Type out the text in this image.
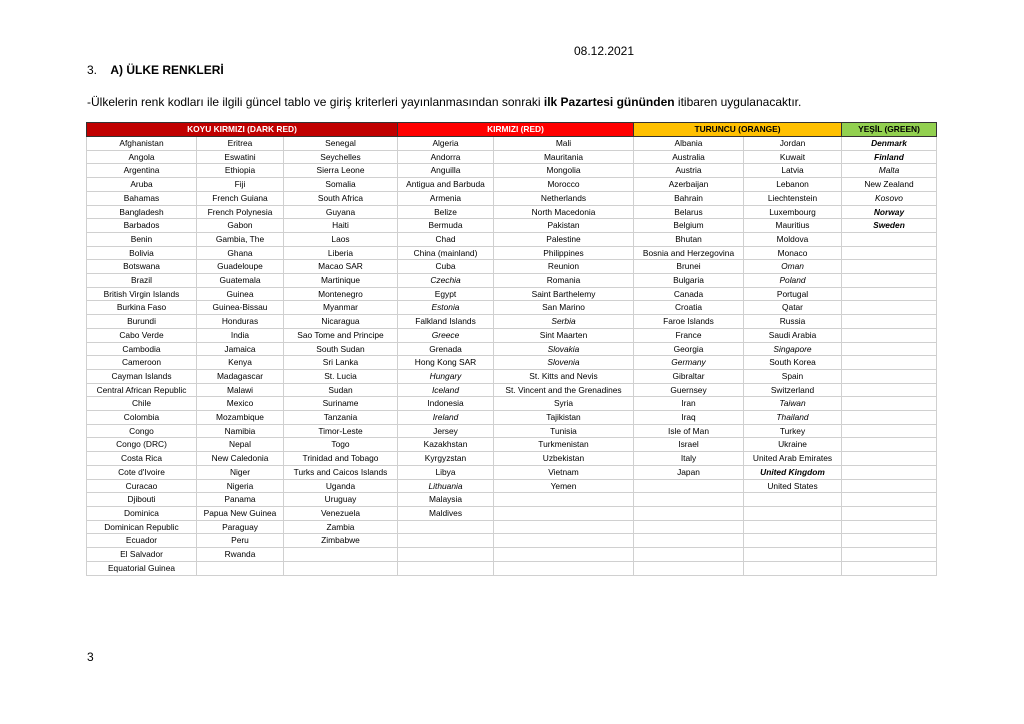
08.12.2021
3. A) ÜLKE RENKLERİ
-Ülkelerin renk kodları ile ilgili güncel tablo ve giriş kriterleri yayınlanmasından sonraki ilk Pazartesi gününden itibaren uygulanacaktır.
KOYU KIRMIZI (DARK RED)			KIRMIZI (RED)		TURUNCU (ORANGE)		YEŞİL (GREEN)
Afghanistan	Eritrea	Senegal	Algeria	Mali	Albania	Jordan	Denmark
Angola	Eswatini	Seychelles	Andorra	Mauritania	Australia	Kuwait	Finland
Argentina	Ethiopia	Sierra Leone	Anguilla	Mongolia	Austria	Latvia	Malta
Aruba	Fiji	Somalia	Antigua and Barbuda	Morocco	Azerbaijan	Lebanon	New Zealand
Bahamas	French Guiana	South Africa	Armenia	Netherlands	Bahrain	Liechtenstein	Kosovo
Bangladesh	French Polynesia	Guyana	Belize	North Macedonia	Belarus	Luxembourg	Norway
Barbados	Gabon	Haiti	Bermuda	Pakistan	Belgium	Mauritius	Sweden
Benin	Gambia, The	Laos	Chad	Palestine	Bhutan	Moldova	
Bolivia	Ghana	Liberia	China (mainland)	Philippines	Bosnia and Herzegovina	Monaco	
Botswana	Guadeloupe	Macao SAR	Cuba	Reunion	Brunei	Oman	
Brazil	Guatemala	Martinique	Czechia	Romania	Bulgaria	Poland	
British Virgin Islands	Guinea	Montenegro	Egypt	Saint Barthelemy	Canada	Portugal	
Burkina Faso	Guinea-Bissau	Myanmar	Estonia	San Marino	Croatia	Qatar	
Burundi	Honduras	Nicaragua	Falkland Islands	Serbia	Faroe Islands	Russia	
Cabo Verde	India	Sao Tome and Principe	Greece	Sint Maarten	France	Saudi Arabia	
Cambodia	Jamaica	South Sudan	Grenada	Slovakia	Georgia	Singapore	
Cameroon	Kenya	Sri Lanka	Hong Kong SAR	Slovenia	Germany	South Korea	
Cayman Islands	Madagascar	St. Lucia	Hungary	St. Kitts and Nevis	Gibraltar	Spain	
Central African Republic	Malawi	Sudan	Iceland	St. Vincent and the Grenadines	Guernsey	Switzerland	
Chile	Mexico	Suriname	Indonesia	Syria	Iran	Taiwan	
Colombia	Mozambique	Tanzania	Ireland	Tajikistan	Iraq	Thailand	
Congo	Namibia	Timor-Leste	Jersey	Tunisia	Isle of Man	Turkey	
Congo (DRC)	Nepal	Togo	Kazakhstan	Turkmenistan	Israel	Ukraine	
Costa Rica	New Caledonia	Trinidad and Tobago	Kyrgyzstan	Uzbekistan	Italy	United Arab Emirates	
Cote d'Ivoire	Niger	Turks and Caicos Islands	Libya	Vietnam	Japan	United Kingdom	
Curacao	Nigeria	Uganda	Lithuania	Yemen		United States	
Djibouti	Panama	Uruguay	Malaysia				
Dominica	Papua New Guinea	Venezuela	Maldives				
Dominican Republic	Paraguay	Zambia					
Ecuador	Peru	Zimbabwe					
El Salvador	Rwanda						
Equatorial Guinea							
3
